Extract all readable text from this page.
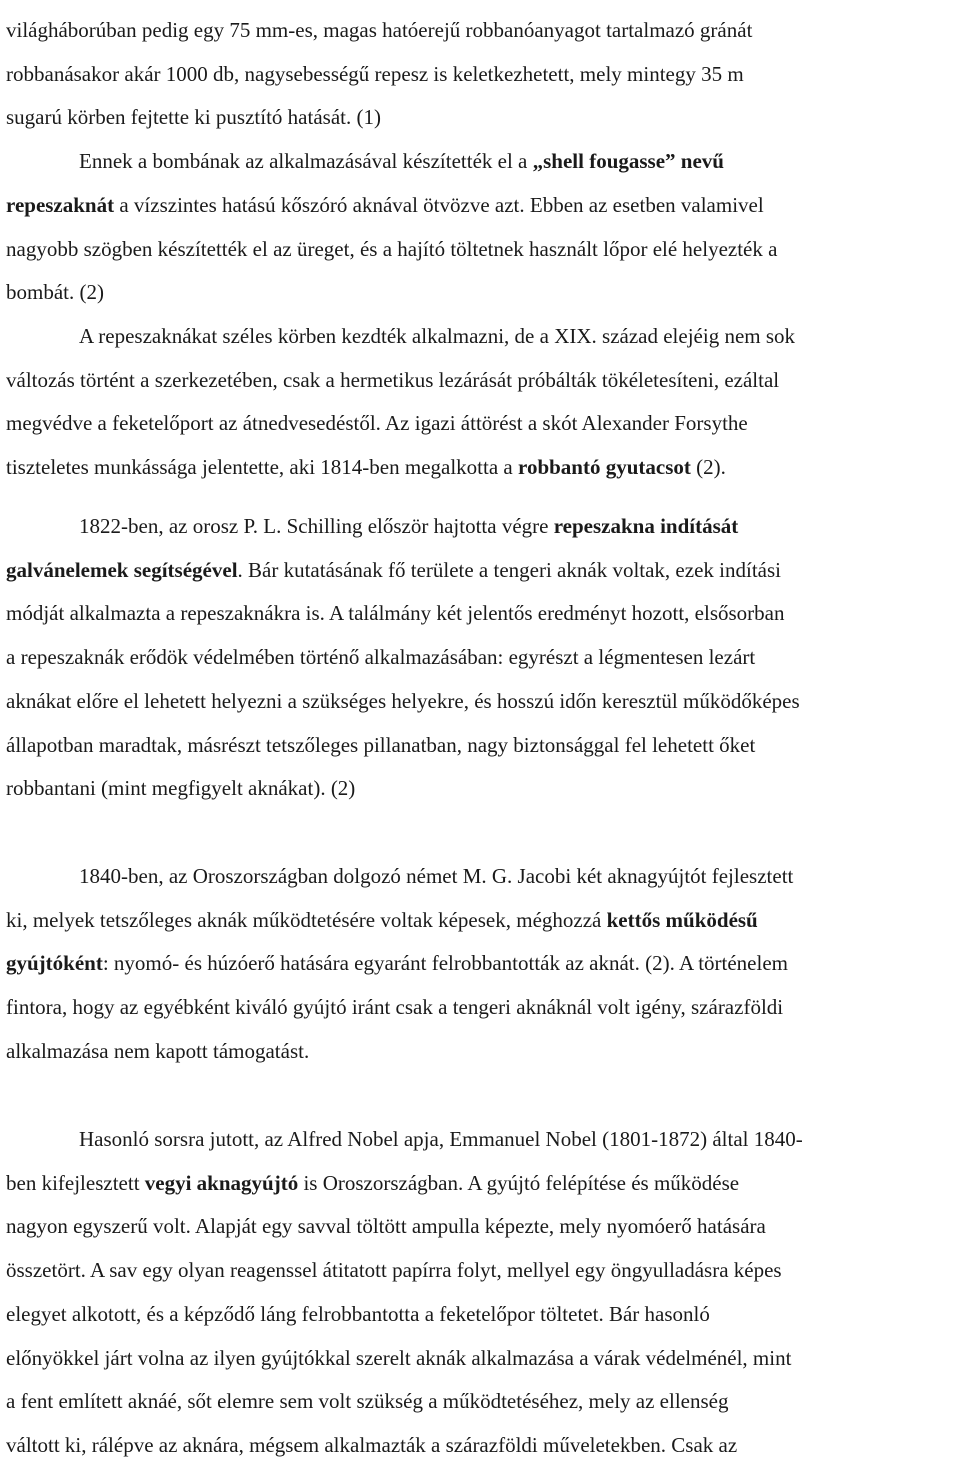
világháborúban pedig egy 75 mm-es, magas hatóerejű robbanóanyagot tartalmazó gránát

robbanásakor akár 1000 db, nagysebességű repesz is keletkezhetett, mely mintegy 35 m

sugarú körben fejtette ki pusztító hatását. (1)

Ennek a bombának az alkalmazásával készítették el a „shell fougasse” nevű

repeszaknát a vízszintes hatású kőszóró aknával ötvözve azt. Ebben az esetben valamivel

nagyobb szögben készítették el az üreget, és a hajító töltetnek használt lőpor elé helyezték a

bombát. (2)

A repeszaknákat széles körben kezdték alkalmazni, de a XIX. század elejéig nem sok

változás történt a szerkezetében, csak a hermetikus lezárását próbálták tökéletesíteni, ezáltal

megvédve a feketelőport az átnedvesedéstől. Az igazi áttörést a skót Alexander Forsythe

tiszteletes munkássága jelentette, aki 1814-ben megalkotta a robbantó gyutacsot (2).

1822-ben, az orosz P. L. Schilling először hajtotta végre repeszakna indítását

galvánelemek segítségével. Bár kutatásának fő területe a tengeri aknák voltak, ezek indítási

módját alkalmazta a repeszaknákra is. A találmány két jelentős eredményt hozott, elsősorban

a repeszaknák erődök védelmében történő alkalmazásában: egyrészt a légmentesen lezárt

aknákat előre el lehetett helyezni a szükséges helyekre, és hosszú időn keresztül működőképes

állapotban maradtak, másrészt tetszőleges pillanatban, nagy biztonsággal fel lehetett őket

robbantani (mint megfigyelt aknákat). (2)

1840-ben, az Oroszországban dolgozó német M. G. Jacobi két aknagyújtót fejlesztett

ki, melyek tetszőleges aknák működtetésére voltak képesek, méghozzá kettős működésű

gyújtóként: nyomó- és húzóerő hatására egyaránt felrobbantották az aknát. (2). A történelem

fintora, hogy az egyébként kiváló gyújtó iránt csak a tengeri aknáknál volt igény, szárazföldi

alkalmazása nem kapott támogatást.

Hasonló sorsra jutott, az Alfred Nobel apja, Emmanuel Nobel (1801-1872) által 1840-

ben kifejlesztett vegyi aknagyújtó is Oroszországban. A gyújtó felépítése és működése

nagyon egyszerű volt. Alapját egy savval töltött ampulla képezte, mely nyomóerő hatására

összetört. A sav egy olyan reagenssel átitatott papírra folyt, mellyel egy öngyulladásra képes

elegyet alkotott, és a képződő láng felrobbantotta a feketelőpor töltetet. Bár hasonló

előnyökkel járt volna az ilyen gyújtókkal szerelt aknák alkalmazása a várak védelménél, mint

a fent említett aknáé, sőt elemre sem volt szükség a működtetéséhez, mely az ellenség

váltott ki, rálépve az aknára, mégsem alkalmazták a szárazföldi műveletekben. Csak az
